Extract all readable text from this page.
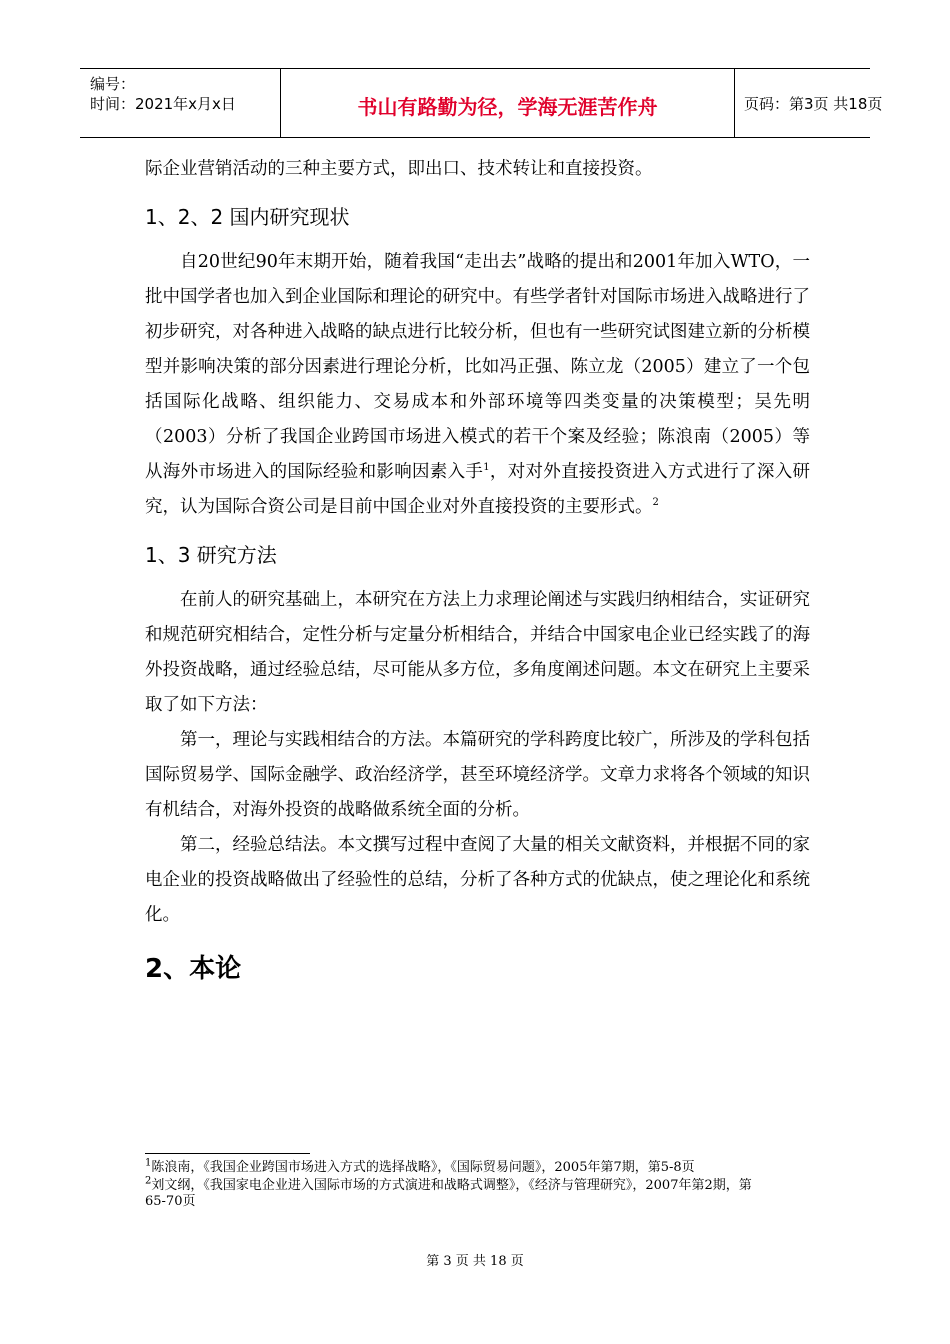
编号：
时间：2021年x月x日	书山有路勤为径，学海无涯苦作舟	页码：第3页 共18页

际企业营销活动的三种主要方式，即出口、技术转让和直接投资。

1、2、2 国内研究现状

自20世纪90年末期开始，随着我国“走出去”战略的提出和2001年加入WTO，一批中国学者也加入到企业国际和理论的研究中。有些学者针对国际市场进入战略进行了初步研究，对各种进入战略的缺点进行比较分析，但也有一些研究试图建立新的分析模型并影响决策的部分因素进行理论分析，比如冯正强、陈立龙（2005）建立了一个包括国际化战略、组织能力、交易成本和外部环境等四类变量的决策模型；吴先明（2003）分析了我国企业跨国市场进入模式的若干个案及经验；陈浪南（2005）等从海外市场进入的国际经验和影响因素入手$^1$，对对外直接投资进入方式进行了深入研究，认为国际合资公司是目前中国企业对外直接投资的主要形式。$^2$

1、3 研究方法

在前人的研究基础上，本研究在方法上力求理论阐述与实践归纳相结合，实证研究和规范研究相结合，定性分析与定量分析相结合，并结合中国家电企业已经实践了的海外投资战略，通过经验总结，尽可能从多方位，多角度阐述问题。本文在研究上主要采取了如下方法：

第一，理论与实践相结合的方法。本篇研究的学科跨度比较广，所涉及的学科包括国际贸易学、国际金融学、政治经济学，甚至环境经济学。文章力求将各个领域的知识有机结合，对海外投资的战略做系统全面的分析。

第二，经验总结法。本文撰写过程中查阅了大量的相关文献资料，并根据不同的家电企业的投资战略做出了经验性的总结，分析了各种方式的优缺点，使之理论化和系统化。

2、本论
$^1$陈浪南，《我国企业跨国市场进入方式的选择战略》，《国际贸易问题》，2005年第7期，第5-8页
$^2$刘文纲，《我国家电企业进入国际市场的方式演进和战略式调整》，《经济与管理研究》，2007年第2期，第
65-70页
第 3 页 共 18 页
